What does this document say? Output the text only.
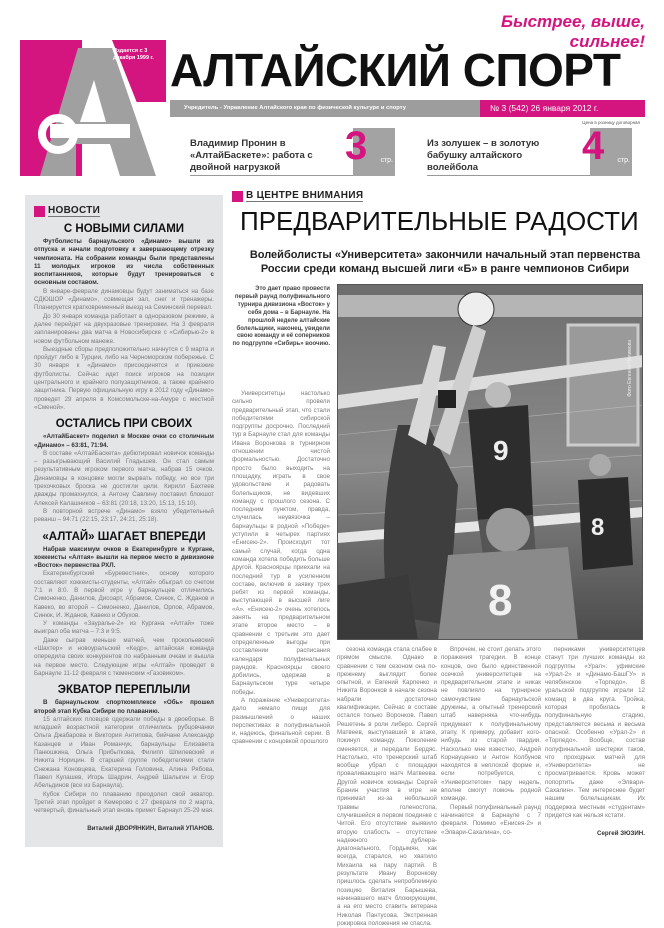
Быстрее, выше, сильнее!
Издается с 3 декабря 1999 г. АЛТАЙСКИЙ СПОРТ
Учредитель - Управление Алтайского края по физической культуре и спорту	№ 3 (542) 26 января 2012 г.
Цена в розницу договорная
Владимир Пронин в «АлтайБаскете»: работа с двойной нагрузкой	3 стр.
Из золушек – в золотую бабушку алтайского волейбола	4 стр.
НОВОСТИ
С НОВЫМИ СИЛАМИ
Футболисты барнаульского «Динамо» вышли из отпуска и начали подготовку к завершающему отрезку чемпионата. На собрании команды были представлены 11 молодых игроков из числа собственных воспитанников, которые будут тренироваться с основным составом.
В январе-феврале динамовцы будут заниматься на базе СДЮШОР «Динамо», совмещая зал, снег и тренажеры. Планируется кратковременный выезд на Семинский перевал.
До 30 января команда работает в одноразовом режиме, а далее перейдет на двухразовые тренировки. На 3 февраля запланированы два матча в Новосибирске с «Сибирью-2» в новом футбольном манеже.
Выездные сборы предположительно начнутся с 9 марта и пройдут либо в Турции, либо на Черноморском побережье. С 30 января к «Динамо» присоединятся и приезжие футболисты. Сейчас идет поиск игроков на позиции центрального и крайнего полузащитников, а также крайнего защитника. Первую официальную игру в 2012 году «Динамо» проведет 29 апреля в Комсомольске-на-Амуре с местной «Сменой».
ОСТАЛИСЬ ПРИ СВОИХ
«АлтайБаскет» поделил в Москве очки со столичным «Динамо» – 63:81, 71:94.
В составе «АлтайБаскета» дебютировал новичок команды – разыгрывающий Василий Гладышев. Он стал самым результативным игроком первого матча, набрав 15 очков. Динамовцы в концовке могли вырвать победу, но все три трехочковых броска не достигли цели. Кирилл Бахтеев дважды промахнулся, а Антону Савлину поставил блокшот Алексей Калашников – 63:81 (20:18, 13:20, 15:13, 15:10).
В повторной встрече «Динамо» взяло убедительный реванш – 94:71 (22:15, 23:17, 24:21, 25:18).
«АЛТАЙ» ШАГАЕТ ВПЕРЕДИ
Набрав максимум очков в Екатеринбурге и Кургане, хоккеисты «Алтая» вышли на первое место в дивизионе «Восток» первенства РХЛ.
Екатеринбургский «Буревестник», основу которого составляют хоккеисты-студенты, «Алтай» обыграл со счетом 7:1 и 8:0. В первой игре у барнаульцев отличились Симоненко, Данилов, Дисоарт, Абрамов, Синюк, С. Жданов и Кавеко, во второй – Симоненко, Данилов, Орлов, Абрамов, Синюк, И. Жданов, Кавеко и Обухов.
У команды «Зауралье-2» из Кургана «Алтай» тоже выиграл оба матча – 7:3 и 9:5.
Даже сыграв меньше матчей, чем прокопьевский «Шахтер» и новоуральский «Кедр», алтайская команда опередила своих конкурентов по набранным очкам и вышла на первое место. Следующие игры «Алтай» проведет в Барнауле 11-12 февраля с тюменским «Газовиком».
ЭКВАТОР ПЕРЕПЛЫЛИ
В барнаульском спорткомплексе «Обь» прошел второй этап Кубка Сибири по плаванию.
15 алтайских пловцов одержали победы в двоеборье. В младшей возрастной категории отличились рубцовчанки Ольга Джабарова и Виктория Антипова, бийчане Александр Казанцев и Иван Романчук, барнаульцы Елизавета Панюшкина, Ольга Прибыткова, Филипп Шпилевский и Никита Норицин. В старшей группе победителями стали Снежана Коновцева, Екатерина Головина, Алина Рябова, Павел Кулашев, Игорь Шадрин, Андрей Шалыгин и Егор Абельдинов (все из Барнаула).
Кубок Сибири по плаванию преодолел свой экватор. Третий этап пройдет в Кемерово с 27 февраля по 2 марта, четвертый, финальный этап вновь примет Барнаул 25-29 мая.
Виталий ДВОРЯНКИН, Виталий УПАНОВ.
В ЦЕНТРЕ ВНИМАНИЯ
ПРЕДВАРИТЕЛЬНЫЕ РАДОСТИ
Волейболисты «Университета» закончили начальный этап первенства России среди команд высшей лиги «Б» в ранге чемпионов Сибири
Это дает право провести первый раунд полуфинального турнира дивизиона «Восток» у себя дома – в Барнауле. На прошлой неделе алтайские болельщики, наконец, увидели свою команду и её соперников по подгруппе «Сибирь» воочию.
Университетцы настолько сильно провели предварительный этап, что стали победителями сибирской подгруппы досрочно. Последний тур в Барнауле стал для команды Ивана Воронкова в турнирном отношении чистой формальностью. Достаточно просто было выходить на площадку, играть в свое удовольствие и радовать болельщиков, не видевших команду с прошлого сезона. С последним пунктом, правда, случилась неувязочка – барнаульцы в родной «Победе» уступили в четырех партиях «Енисею-2». Происходит тот самый случай, когда одна команда хотела победить больше другой. Красноярцы приехали на последний тур в усиленном составе, включив в заявку трех ребят из первой команды, выступающей в высшей лиге «А». «Енисею-2» очень хотелось занять на предварительном этапе второе место – в сравнении с третьим это дает определенные выгоды при составлении расписания календаря полуфинальных раундов. Красноярцы своего добились, одержав в Барнаульском туре четыре победы.
А поражение «Университета» дало немало пищи для размышлений о наших перспективах в полуфинальной и, надеюсь, финальной серии. В сравнении с концовкой прошлого
9
8
8
Фото Евгения Налимова
сезона команда стала слабее в прямом смысле. Однако в сравнении с тем сезоном она по-прежнему выглядит более опытной, и Евгений Карпенко и Никита Воронков в начале сезона набрали достаточно квалификации. Сейчас в составе остался только Воронков. Павел Решетень в роли либеро. Сергей Матвеев, выступавший в атаке, покинул команду. Поколение сменяется, и передали Бердяс. Настолько, что тренерский штаб вообще убрал с площадки проваливающего матч Матвеева. Другой новичок команды Сергей Бранин участия в игре не принимал из-за небольшой травмы голеностопа, случившейся в первом поединке с Читой. Его отсутствие выявило вторую слабость – отсутствие надежного дублера-диагонального. Гордымян, как всегда, старался, но хватило Михаила на пару партий. В результате Ивану Воронкову пришлось сделать непроблемную позицию Виталия Барышева, начинавшего матч блокирующим, а на его место ставить ветерана Николая Пантусова. Экстренная рокировка положения не спасла.
Впрочем, не стоит делать этого поражения трагедии. В конце концов, оно было единственной осечкой университетцев на предварительном этапе и никак не повлияло на турнирное самочувствие барнаульской дружины, а опытный тренерский штаб наверняка что-нибудь придумает к полуфинальному этапу. К примеру, добавит кого-нибудь из старой гвардии. Насколько мне известно, Андрей Корнауценко и Антон Колбунов находятся в неплохой форме и, если потребуется, с «Университетом» пару недель, вполне смогут помочь родной команде.
Первый полуфинальный раунд начинается в Барнауле с 7 февраля. Помимо «Енисея-2» и «Элвари-Сахалина», со-
перниками университетцев станут три лучших команды из подгруппы «Урал»: уфимские «Урал-2» и «Динамо-БашГУ» и челябинское «Торпедо». В уральской подгруппе играли 12 команд в два круга. Тройка, которая пробилась в полуфинальную стадию, представляется весьма и весьма опасной. Особенно «Урал-2» и «Торпедо». Вообще, состав полуфинальной шестерки таков, что проходных матчей для «Университета» не просматривается. Кровь может попортить даже «Элвари-Сахалин». Тем интереснее будет нашим болельщикам. Их поддержка местным «студентам» придется как нельзя кстати.
Сергей ЗЮЗИН.
